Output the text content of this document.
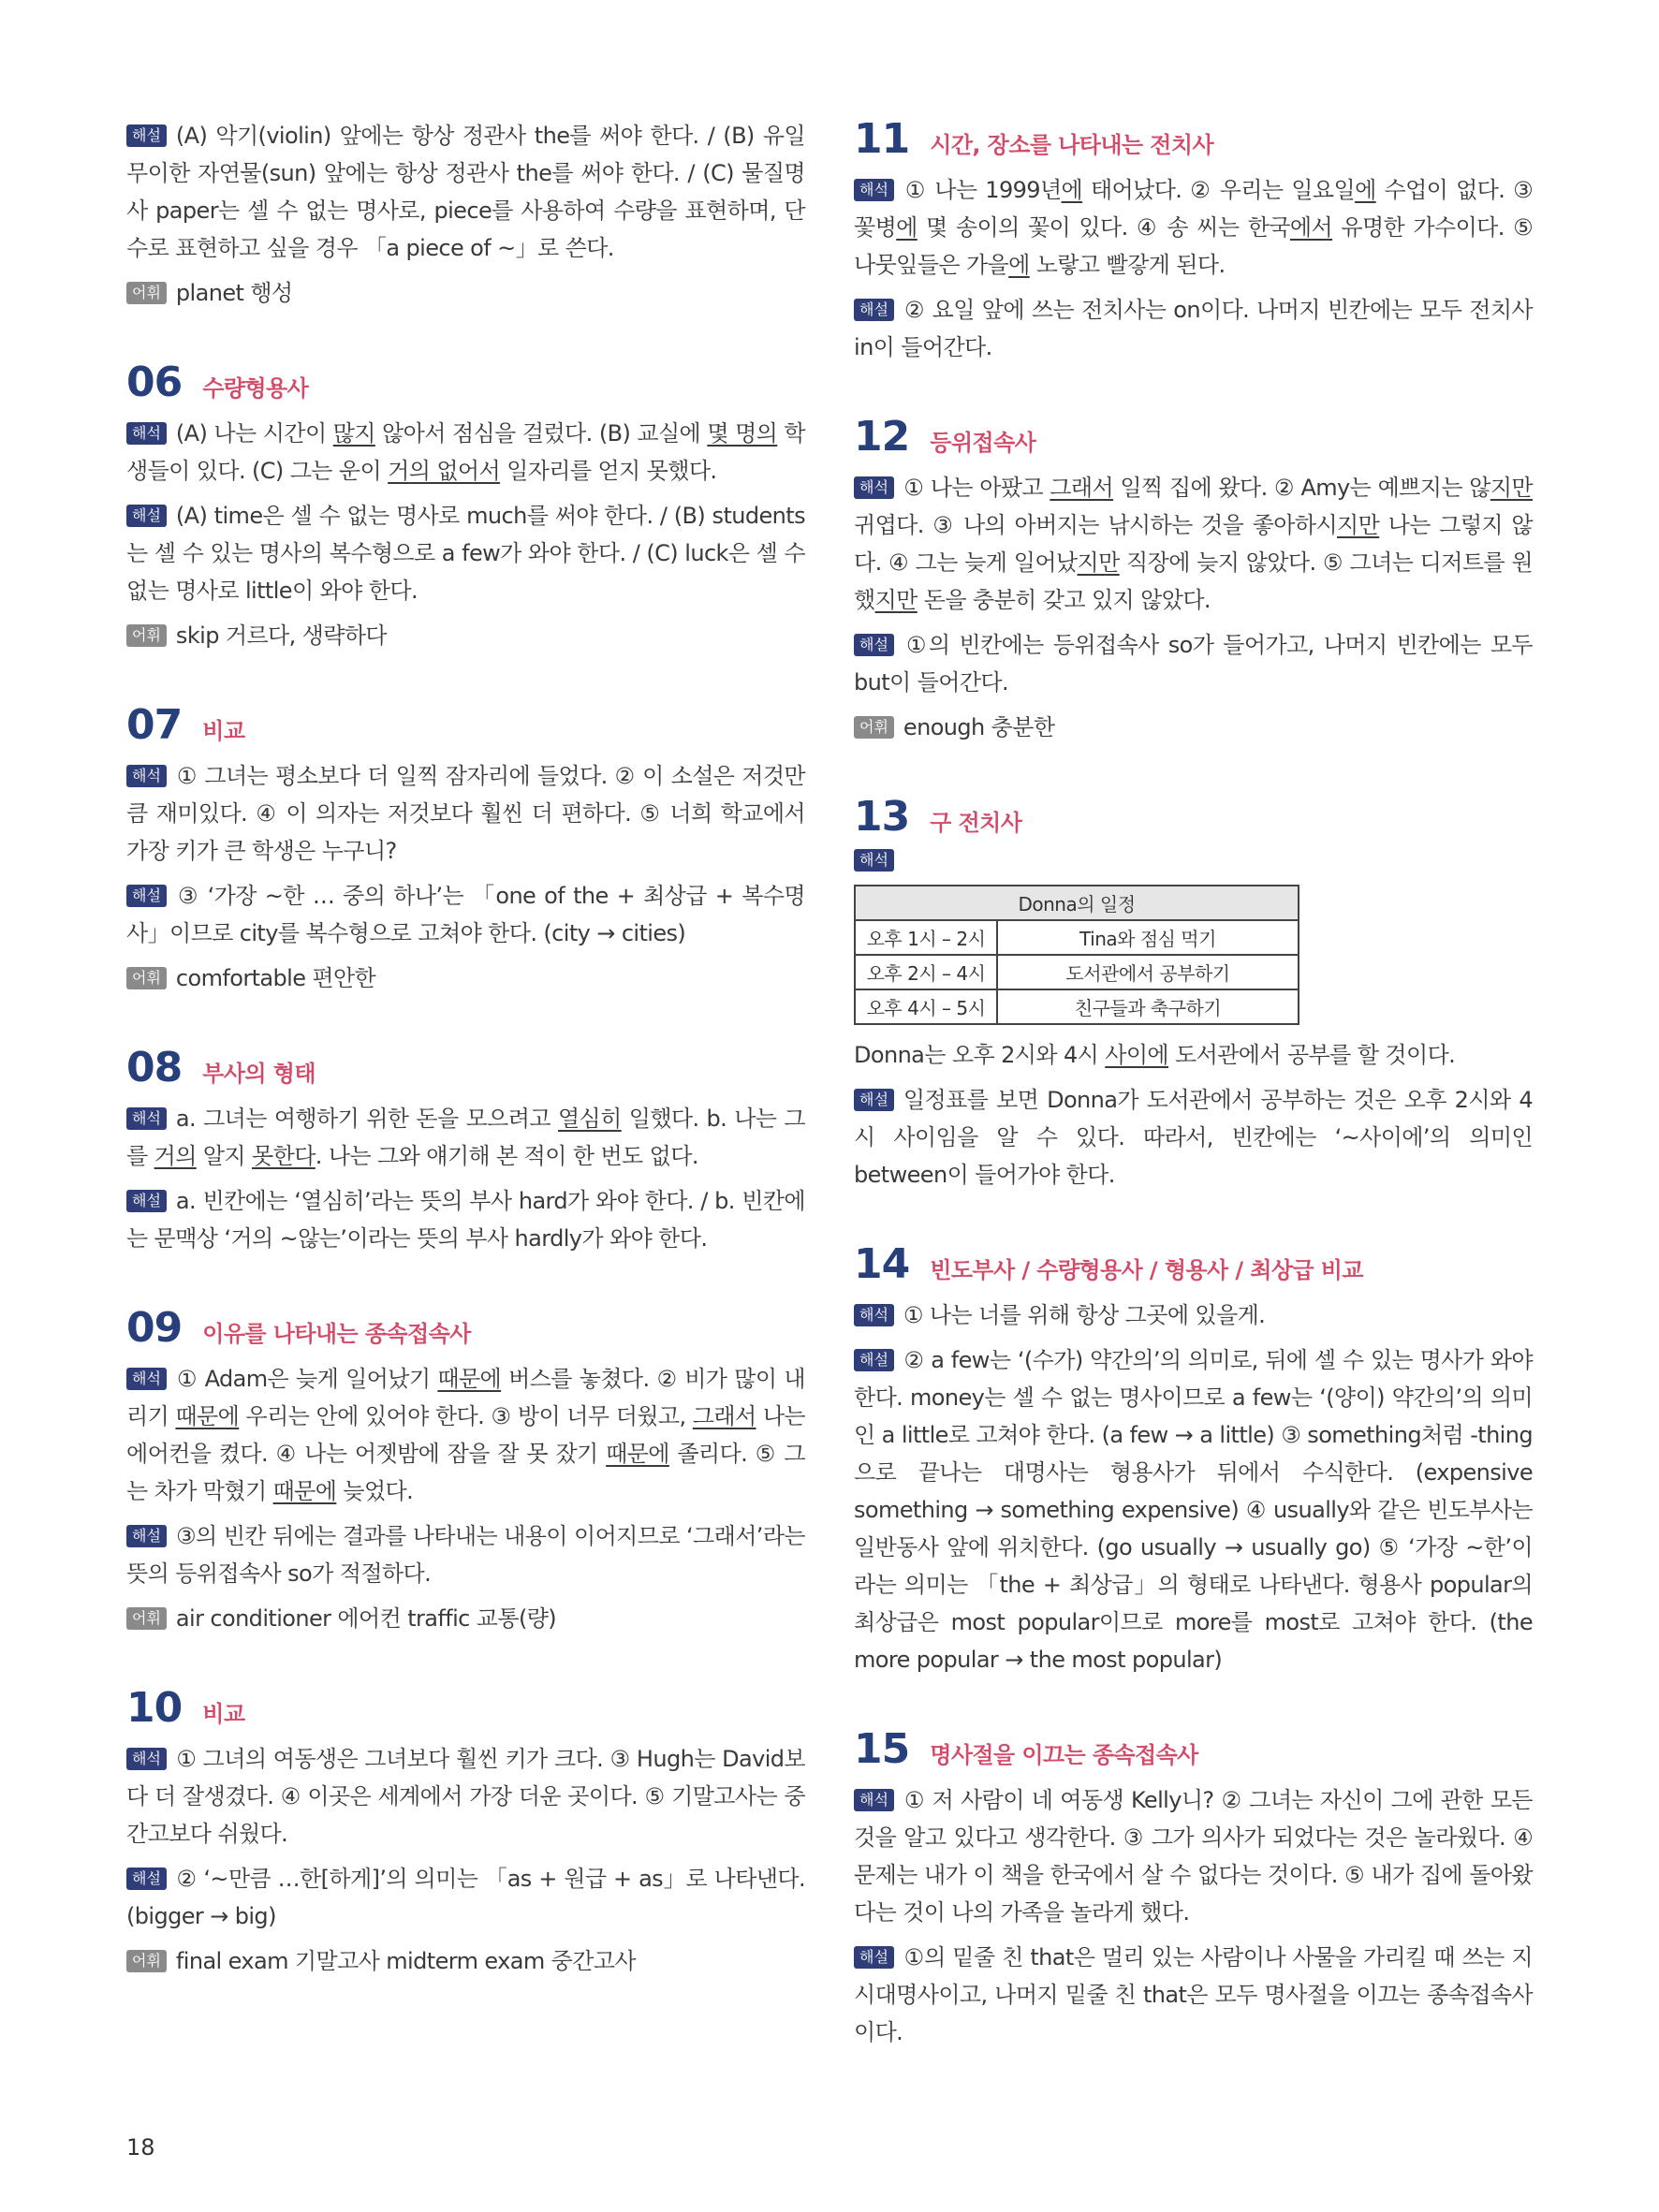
해설 (A) 악기(violin) 앞에는 항상 정관사 the를 써야 한다. / (B) 유일무이한 자연물(sun) 앞에는 항상 정관사 the를 써야 한다. / (C) 물질명사 paper는 셀 수 없는 명사로, piece를 사용하여 수량을 표현하며, 단수로 표현하고 싶을 경우 「a piece of ~」로 쓴다.

어휘 planet 행성

06 수량형용사

해석 (A) 나는 시간이 많지 않아서 점심을 걸렀다. (B) 교실에 몇 명의 학생들이 있다. (C) 그는 운이 거의 없어서 일자리를 얻지 못했다.

해설 (A) time은 셀 수 없는 명사로 much를 써야 한다. / (B) students는 셀 수 있는 명사의 복수형으로 a few가 와야 한다. / (C) luck은 셀 수 없는 명사로 little이 와야 한다.

어휘 skip 거르다, 생략하다

07 비교

해석 ① 그녀는 평소보다 더 일찍 잠자리에 들었다. ② 이 소설은 저것만큼 재미있다. ④ 이 의자는 저것보다 훨씬 더 편하다. ⑤ 너희 학교에서 가장 키가 큰 학생은 누구니?

해설 ③ ‘가장 ~한 … 중의 하나’는 「one of the + 최상급 + 복수명사」이므로 city를 복수형으로 고쳐야 한다. (city → cities)

어휘 comfortable 편안한

08 부사의 형태

해석 a. 그녀는 여행하기 위한 돈을 모으려고 열심히 일했다. b. 나는 그를 거의 알지 못한다. 나는 그와 얘기해 본 적이 한 번도 없다.

해설 a. 빈칸에는 ‘열심히’라는 뜻의 부사 hard가 와야 한다. / b. 빈칸에는 문맥상 ‘거의 ~않는’이라는 뜻의 부사 hardly가 와야 한다.

09 이유를 나타내는 종속접속사

해석 ① Adam은 늦게 일어났기 때문에 버스를 놓쳤다. ② 비가 많이 내리기 때문에 우리는 안에 있어야 한다. ③ 방이 너무 더웠고, 그래서 나는 에어컨을 켰다. ④ 나는 어젯밤에 잠을 잘 못 잤기 때문에 졸리다. ⑤ 그는 차가 막혔기 때문에 늦었다.

해설 ③의 빈칸 뒤에는 결과를 나타내는 내용이 이어지므로 ‘그래서’라는 뜻의 등위접속사 so가 적절하다.

어휘 air conditioner 에어컨 traffic 교통(량)

10 비교

해석 ① 그녀의 여동생은 그녀보다 훨씬 키가 크다. ③ Hugh는 David보다 더 잘생겼다. ④ 이곳은 세계에서 가장 더운 곳이다. ⑤ 기말고사는 중간고보다 쉬웠다.

해설 ② ‘~만큼 …한[하게]’의 의미는 「as + 원급 + as」로 나타낸다. (bigger → big)

어휘 final exam 기말고사 midterm exam 중간고사

11 시간, 장소를 나타내는 전치사

해석 ① 나는 1999년에 태어났다. ② 우리는 일요일에 수업이 없다. ③ 꽃병에 몇 송이의 꽃이 있다. ④ 송 씨는 한국에서 유명한 가수이다. ⑤ 나뭇잎들은 가을에 노랗고 빨갛게 된다.

해설 ② 요일 앞에 쓰는 전치사는 on이다. 나머지 빈칸에는 모두 전치사 in이 들어간다.

12 등위접속사

해석 ① 나는 아팠고 그래서 일찍 집에 왔다. ② Amy는 예쁘지는 않지만 귀엽다. ③ 나의 아버지는 낚시하는 것을 좋아하시지만 나는 그렇지 않다. ④ 그는 늦게 일어났지만 직장에 늦지 않았다. ⑤ 그녀는 디저트를 원했지만 돈을 충분히 갖고 있지 않았다.

해설 ①의 빈칸에는 등위접속사 so가 들어가고, 나머지 빈칸에는 모두 but이 들어간다.

어휘 enough 충분한

13 구 전치사
해석
Donna의 일정	
오후 1시 – 2시	Tina와 점심 먹기
오후 2시 – 4시	도서관에서 공부하기
오후 4시 – 5시	친구들과 축구하기

Donna는 오후 2시와 4시 사이에 도서관에서 공부를 할 것이다.

해설 일정표를 보면 Donna가 도서관에서 공부하는 것은 오후 2시와 4시 사이임을 알 수 있다. 따라서, 빈칸에는 ‘~사이에’의 의미인 between이 들어가야 한다.

14 빈도부사 / 수량형용사 / 형용사 / 최상급 비교

해석 ① 나는 너를 위해 항상 그곳에 있을게.

해설 ② a few는 ‘(수가) 약간의’의 의미로, 뒤에 셀 수 있는 명사가 와야 한다. money는 셀 수 없는 명사이므로 a few는 ‘(양이) 약간의’의 의미인 a little로 고쳐야 한다. (a few → a little) ③ something처럼 -thing으로 끝나는 대명사는 형용사가 뒤에서 수식한다. (expensive something → something expensive) ④ usually와 같은 빈도부사는 일반동사 앞에 위치한다. (go usually → usually go) ⑤ ‘가장 ~한’이라는 의미는 「the + 최상급」의 형태로 나타낸다. 형용사 popular의 최상급은 most popular이므로 more를 most로 고쳐야 한다. (the more popular → the most popular)

15 명사절을 이끄는 종속접속사

해석 ① 저 사람이 네 여동생 Kelly니? ② 그녀는 자신이 그에 관한 모든 것을 알고 있다고 생각한다. ③ 그가 의사가 되었다는 것은 놀라웠다. ④ 문제는 내가 이 책을 한국에서 살 수 없다는 것이다. ⑤ 내가 집에 돌아왔다는 것이 나의 가족을 놀라게 했다.

해설 ①의 밑줄 친 that은 멀리 있는 사람이나 사물을 가리킬 때 쓰는 지시대명사이고, 나머지 밑줄 친 that은 모두 명사절을 이끄는 종속접속사이다.

18
